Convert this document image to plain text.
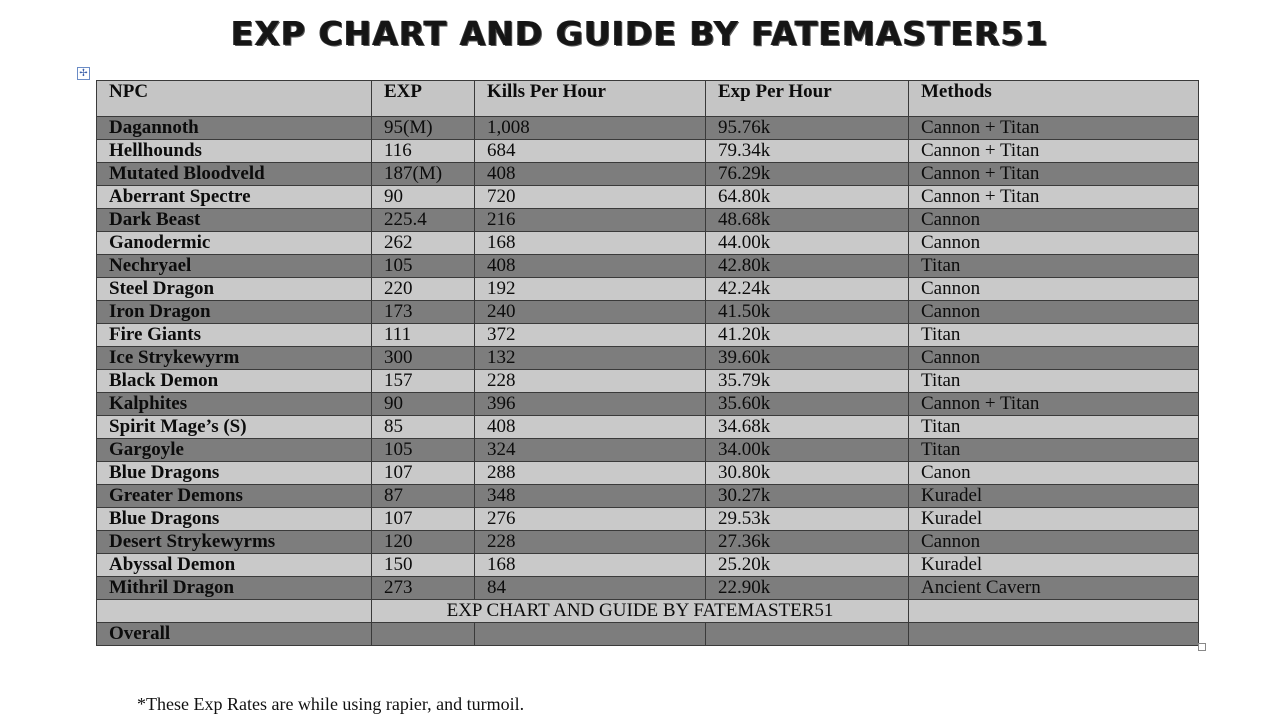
EXP CHART AND GUIDE BY FATEMASTER51
✢
NPC	EXP	Kills Per Hour	Exp Per Hour	Methods
Dagannoth	95(M)	1,008	95.76k	Cannon + Titan
Hellhounds	116	684	79.34k	Cannon + Titan
Mutated Bloodveld	187(M)	408	76.29k	Cannon + Titan
Aberrant Spectre	90	720	64.80k	Cannon + Titan
Dark Beast	225.4	216	48.68k	Cannon
Ganodermic	262	168	44.00k	Cannon
Nechryael	105	408	42.80k	Titan
Steel Dragon	220	192	42.24k	Cannon
Iron Dragon	173	240	41.50k	Cannon
Fire Giants	111	372	41.20k	Titan
Ice Strykewyrm	300	132	39.60k	Cannon
Black Demon	157	228	35.79k	Titan
Kalphites	90	396	35.60k	Cannon + Titan
Spirit Mage’s (S)	85	408	34.68k	Titan
Gargoyle	105	324	34.00k	Titan
Blue Dragons	107	288	30.80k	Canon
Greater Demons	87	348	30.27k	Kuradel
Blue Dragons	107	276	29.53k	Kuradel
Desert Strykewyrms	120	228	27.36k	Cannon
Abyssal Demon	150	168	25.20k	Kuradel
Mithril Dragon	273	84	22.90k	Ancient Cavern
	EXP CHART AND GUIDE BY FATEMASTER51			
Overall				
*These Exp Rates are while using rapier, and turmoil.
